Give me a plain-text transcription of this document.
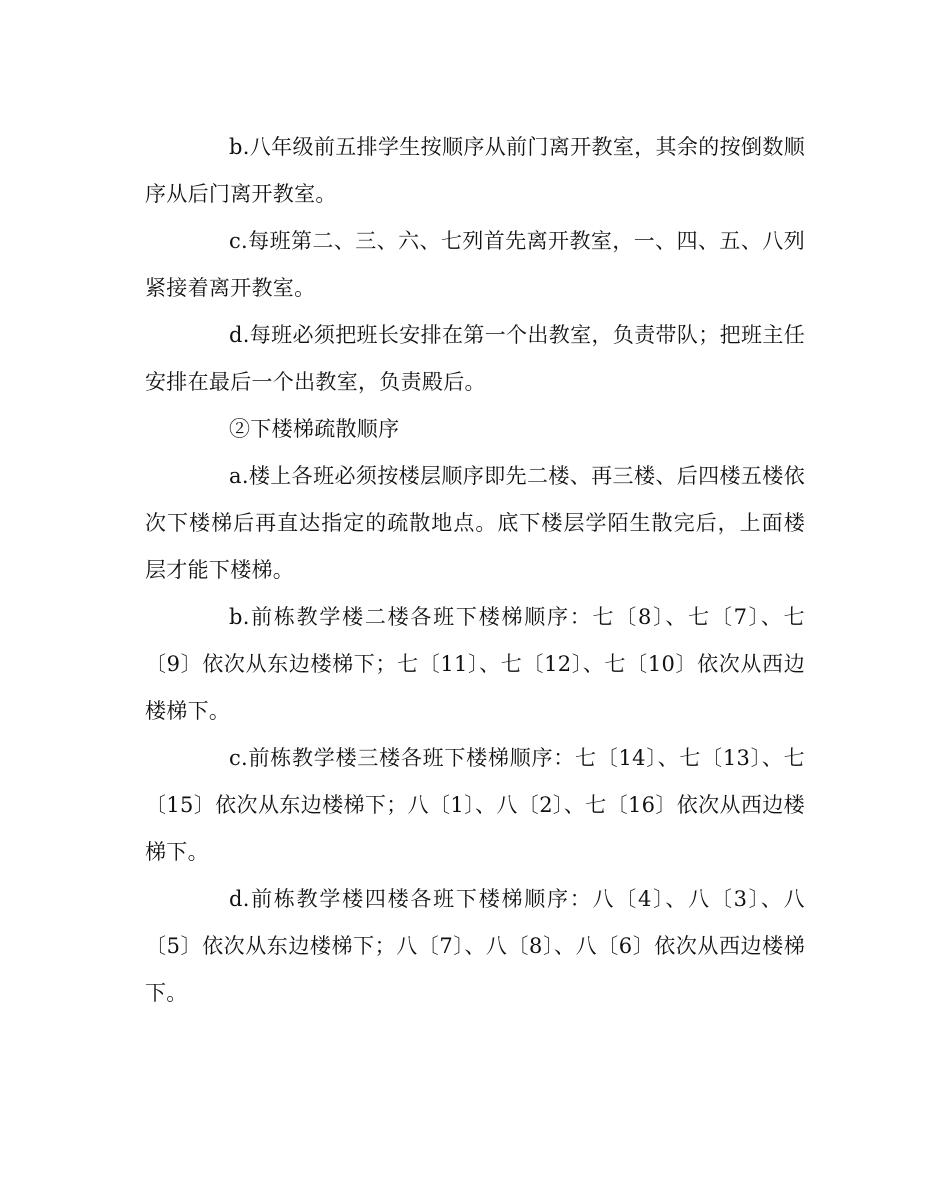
b.八年级前五排学生按顺序从前门离开教室，其余的按倒数顺序从后门离开教室。

c.每班第二、三、六、七列首先离开教室，一、四、五、八列紧接着离开教室。

d.每班必须把班长安排在第一个出教室，负责带队；把班主任安排在最后一个出教室，负责殿后。

②下楼梯疏散顺序

a.楼上各班必须按楼层顺序即先二楼、再三楼、后四楼五楼依次下楼梯后再直达指定的疏散地点。底下楼层学陌生散完后，上面楼层才能下楼梯。

b.前栋教学楼二楼各班下楼梯顺序：七〔8〕、七〔7〕、七〔9〕依次从东边楼梯下；七〔11〕、七〔12〕、七〔10〕依次从西边楼梯下。

c.前栋教学楼三楼各班下楼梯顺序：七〔14〕、七〔13〕、七〔15〕依次从东边楼梯下；八〔1〕、八〔2〕、七〔16〕依次从西边楼梯下。

d.前栋教学楼四楼各班下楼梯顺序：八〔4〕、八〔3〕、八〔5〕依次从东边楼梯下；八〔7〕、八〔8〕、八〔6〕依次从西边楼梯下。
